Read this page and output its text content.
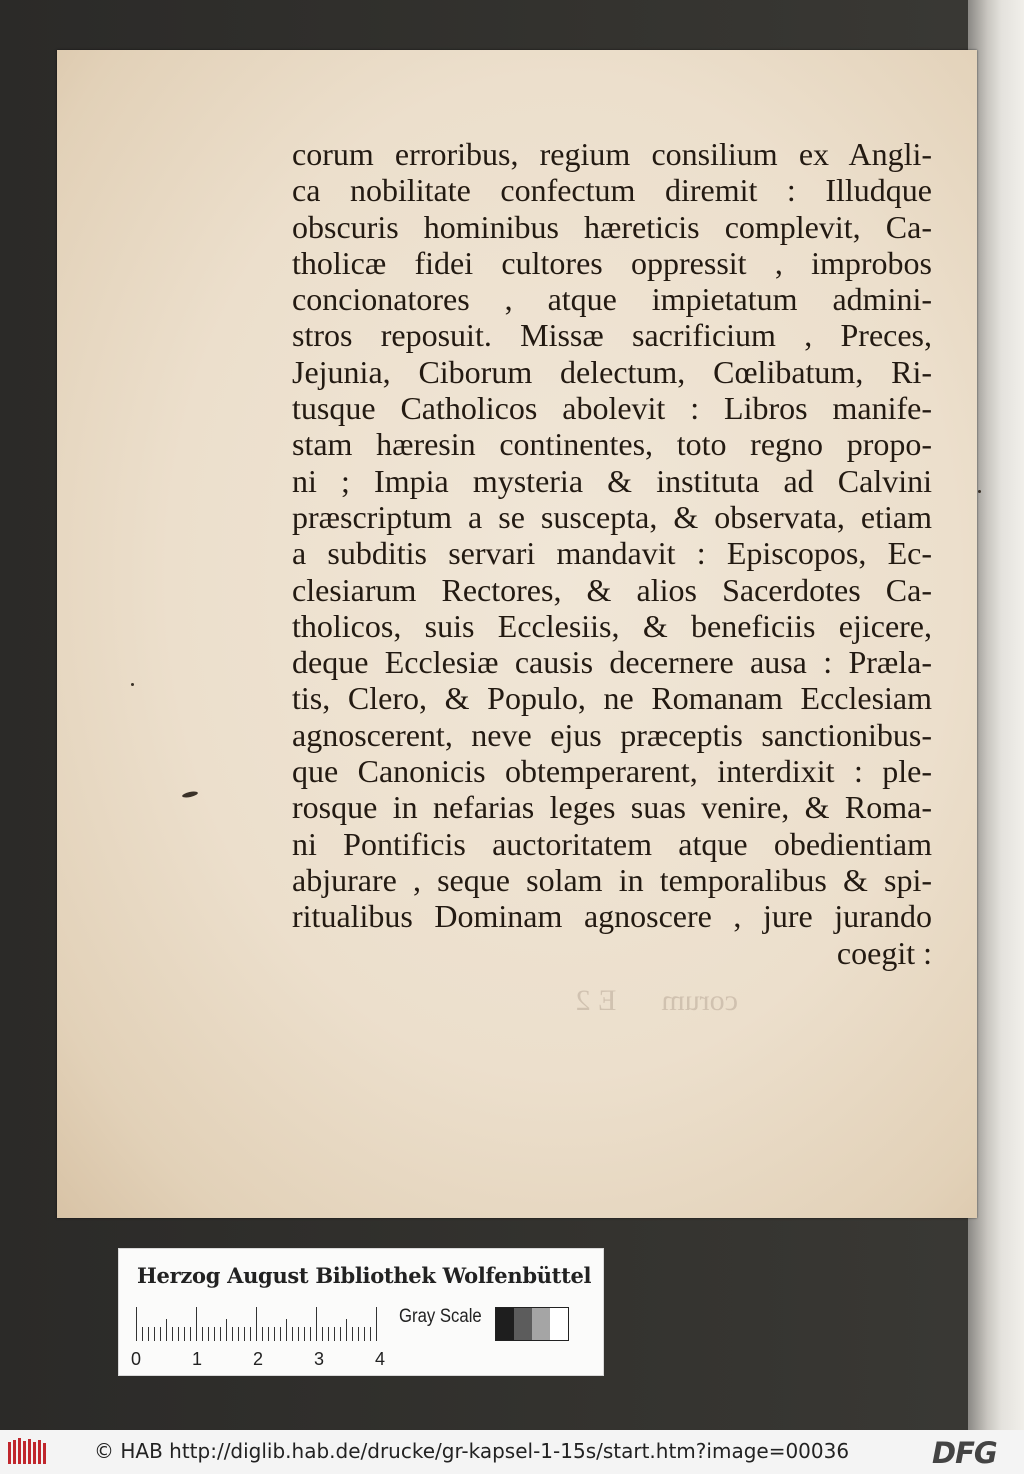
corum      E 2
corum erroribus, regium consilium ex Angli-
ca nobilitate confectum diremit : Illudque
obscuris hominibus hæreticis complevit, Ca-
tholicæ fidei cultores oppressit , improbos
concionatores , atque impietatum admini-
stros reposuit. Missæ sacrificium , Preces,
Jejunia, Ciborum delectum, Cœlibatum, Ri-
tusque Catholicos abolevit : Libros manife-
stam hæresin continentes, toto regno propo-
ni ; Impia mysteria & instituta ad Calvini
præscriptum a se suscepta, & observata, etiam
a subditis servari mandavit : Episcopos, Ec-
clesiarum Rectores, & alios Sacerdotes Ca-
tholicos, suis Ecclesiis, & beneficiis ejicere,
deque Ecclesiæ causis decernere ausa : Præla-
tis, Clero, & Populo, ne Romanam Ecclesiam
agnoscerent, neve ejus præceptis sanctionibus-
que Canonicis obtemperarent, interdixit : ple-
rosque in nefarias leges suas venire, & Roma-
ni Pontificis auctoritatem atque obedientiam
abjurare , seque solam in temporalibus & spi-
ritualibus Dominam agnoscere , jure jurando
coegit :
Herzog August Bibliothek Wolfenbüttel
0	1	2	3	4
Gray Scale
© HAB http://diglib.hab.de/drucke/gr-kapsel-1-15s/start.htm?image=00036	DFG
